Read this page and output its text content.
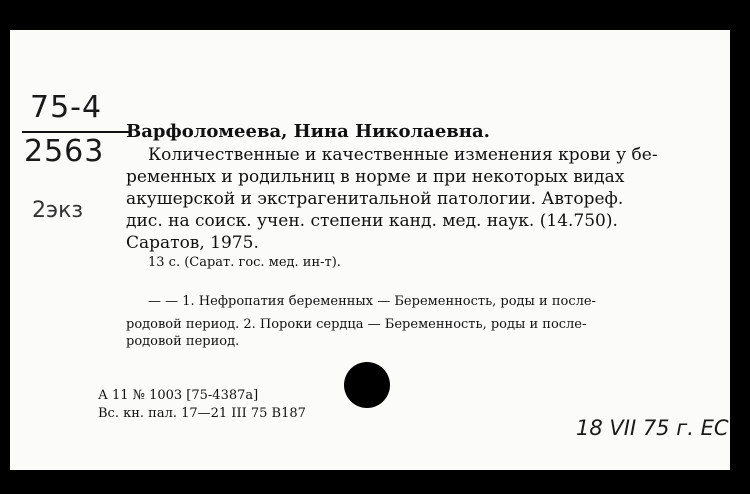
75-4
2563
2экз
Варфоломеева, Нина Николаевна.
Количественные и качественные изменения крови у бе-
ременных и родильниц в норме и при некоторых видах
акушерской и экстрагенитальной патологии. Автореф.
дис. на соиск. учен. степени канд. мед. наук. (14.750).
Саратов, 1975.
13 с. (Сарат. гос. мед. ин-т).
— — 1. Нефропатия беременных — Беременность, роды и после-
родовой период. 2. Пороки сердца — Беременность, роды и после-
родовой период.
А 11 № 1003 [75-4387а]
Вс. кн. пал. 17—21 III 75 В187
18 VII 75 г. ЕС
